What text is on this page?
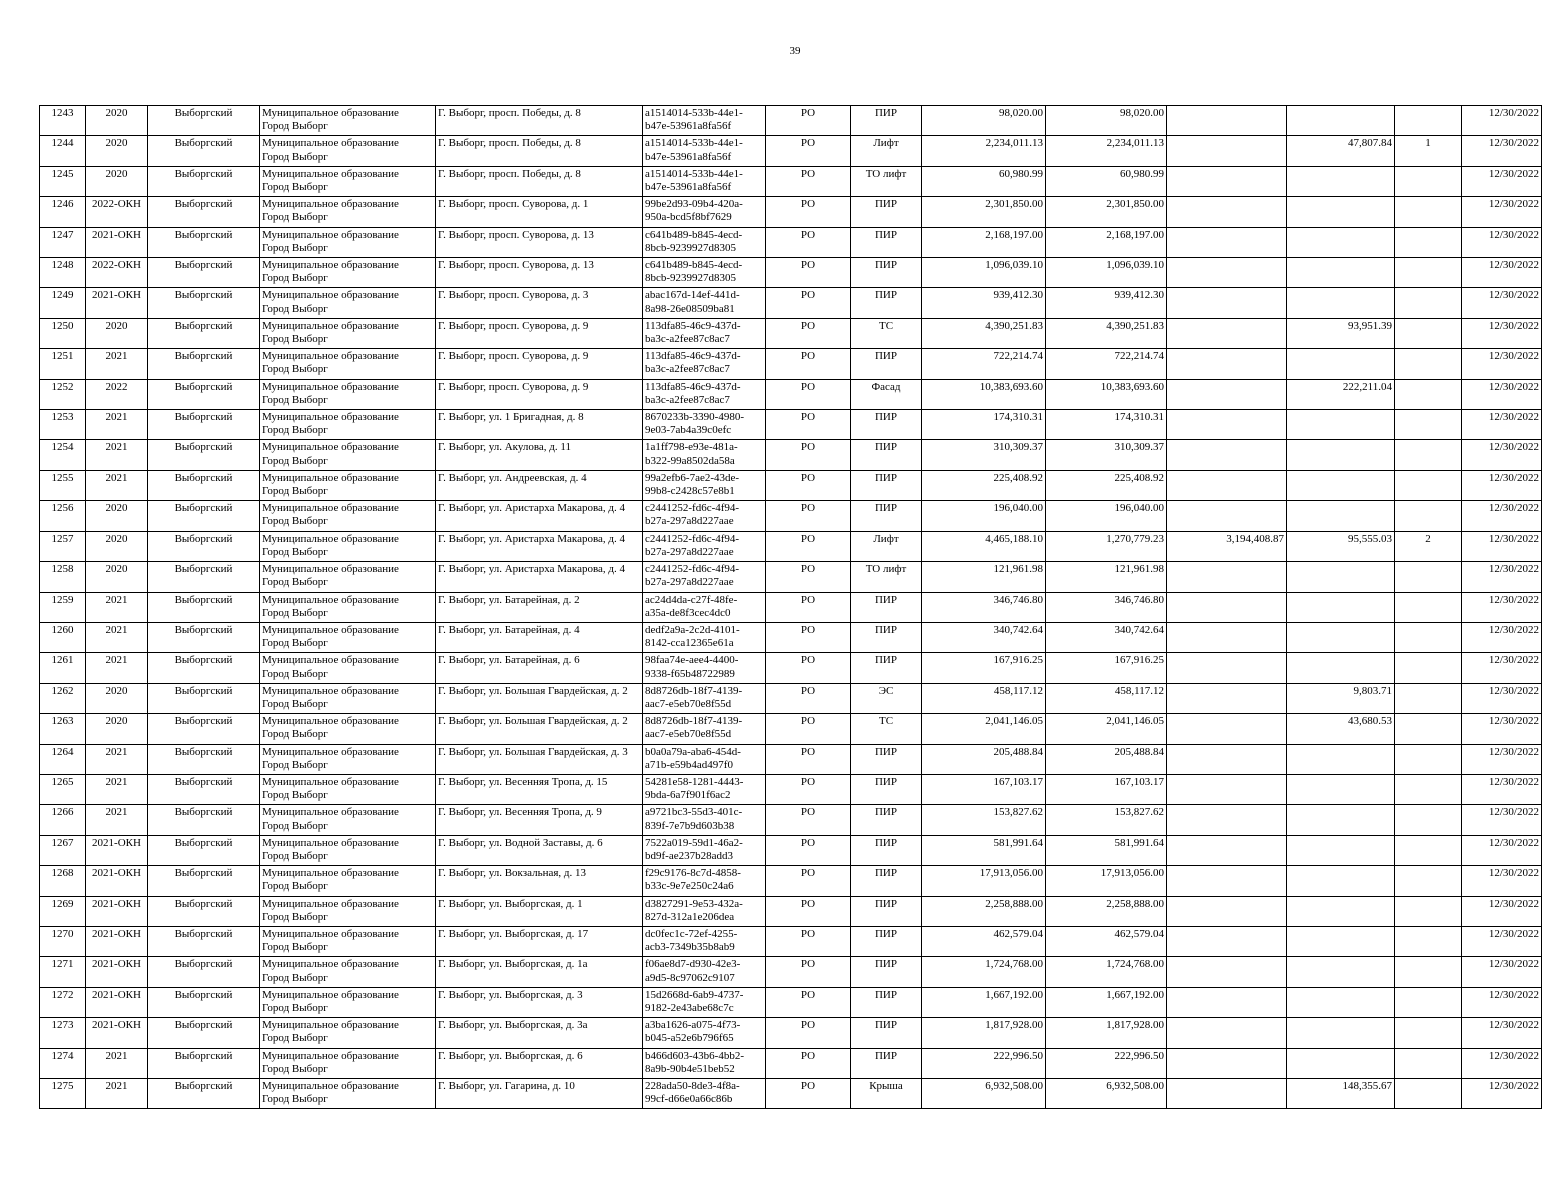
39
1243	2020	Выборгский	Муниципальное образование
Город Выборг	Г. Выборг, просп. Победы, д. 8	a1514014-533b-44e1-
b47e-53961a8fa56f	РО	ПИР	98,020.00	98,020.00				12/30/2022
1244	2020	Выборгский	Муниципальное образование
Город Выборг	Г. Выборг, просп. Победы, д. 8	a1514014-533b-44e1-
b47e-53961a8fa56f	РО	Лифт	2,234,011.13	2,234,011.13		47,807.84	1	12/30/2022
1245	2020	Выборгский	Муниципальное образование
Город Выборг	Г. Выборг, просп. Победы, д. 8	a1514014-533b-44e1-
b47e-53961a8fa56f	РО	ТО лифт	60,980.99	60,980.99				12/30/2022
1246	2022-ОКН	Выборгский	Муниципальное образование
Город Выборг	Г. Выборг, просп. Суворова, д. 1	99be2d93-09b4-420a-
950a-bcd5f8bf7629	РО	ПИР	2,301,850.00	2,301,850.00				12/30/2022
1247	2021-ОКН	Выборгский	Муниципальное образование
Город Выборг	Г. Выборг, просп. Суворова, д. 13	c641b489-b845-4ecd-
8bcb-9239927d8305	РО	ПИР	2,168,197.00	2,168,197.00				12/30/2022
1248	2022-ОКН	Выборгский	Муниципальное образование
Город Выборг	Г. Выборг, просп. Суворова, д. 13	c641b489-b845-4ecd-
8bcb-9239927d8305	РО	ПИР	1,096,039.10	1,096,039.10				12/30/2022
1249	2021-ОКН	Выборгский	Муниципальное образование
Город Выборг	Г. Выборг, просп. Суворова, д. 3	abac167d-14ef-441d-
8a98-26e08509ba81	РО	ПИР	939,412.30	939,412.30				12/30/2022
1250	2020	Выборгский	Муниципальное образование
Город Выборг	Г. Выборг, просп. Суворова, д. 9	113dfa85-46c9-437d-
ba3c-a2fee87c8ac7	РО	ТС	4,390,251.83	4,390,251.83		93,951.39		12/30/2022
1251	2021	Выборгский	Муниципальное образование
Город Выборг	Г. Выборг, просп. Суворова, д. 9	113dfa85-46c9-437d-
ba3c-a2fee87c8ac7	РО	ПИР	722,214.74	722,214.74				12/30/2022
1252	2022	Выборгский	Муниципальное образование
Город Выборг	Г. Выборг, просп. Суворова, д. 9	113dfa85-46c9-437d-
ba3c-a2fee87c8ac7	РО	Фасад	10,383,693.60	10,383,693.60		222,211.04		12/30/2022
1253	2021	Выборгский	Муниципальное образование
Город Выборг	Г. Выборг, ул. 1 Бригадная, д. 8	8670233b-3390-4980-
9e03-7ab4a39c0efc	РО	ПИР	174,310.31	174,310.31				12/30/2022
1254	2021	Выборгский	Муниципальное образование
Город Выборг	Г. Выборг, ул. Акулова, д. 11	1a1ff798-e93e-481a-
b322-99a8502da58a	РО	ПИР	310,309.37	310,309.37				12/30/2022
1255	2021	Выборгский	Муниципальное образование
Город Выборг	Г. Выборг, ул. Андреевская, д. 4	99a2efb6-7ae2-43de-
99b8-c2428c57e8b1	РО	ПИР	225,408.92	225,408.92				12/30/2022
1256	2020	Выборгский	Муниципальное образование
Город Выборг	Г. Выборг, ул. Аристарха Макарова, д. 4	c2441252-fd6c-4f94-
b27a-297a8d227aae	РО	ПИР	196,040.00	196,040.00				12/30/2022
1257	2020	Выборгский	Муниципальное образование
Город Выборг	Г. Выборг, ул. Аристарха Макарова, д. 4	c2441252-fd6c-4f94-
b27a-297a8d227aae	РО	Лифт	4,465,188.10	1,270,779.23	3,194,408.87	95,555.03	2	12/30/2022
1258	2020	Выборгский	Муниципальное образование
Город Выборг	Г. Выборг, ул. Аристарха Макарова, д. 4	c2441252-fd6c-4f94-
b27a-297a8d227aae	РО	ТО лифт	121,961.98	121,961.98				12/30/2022
1259	2021	Выборгский	Муниципальное образование
Город Выборг	Г. Выборг, ул. Батарейная, д. 2	ac24d4da-c27f-48fe-
a35a-de8f3cec4dc0	РО	ПИР	346,746.80	346,746.80				12/30/2022
1260	2021	Выборгский	Муниципальное образование
Город Выборг	Г. Выборг, ул. Батарейная, д. 4	dedf2a9a-2c2d-4101-
8142-cca12365e61a	РО	ПИР	340,742.64	340,742.64				12/30/2022
1261	2021	Выборгский	Муниципальное образование
Город Выборг	Г. Выборг, ул. Батарейная, д. 6	98faa74e-aee4-4400-
9338-f65b48722989	РО	ПИР	167,916.25	167,916.25				12/30/2022
1262	2020	Выборгский	Муниципальное образование
Город Выборг	Г. Выборг, ул. Большая Гвардейская, д. 2	8d8726db-18f7-4139-
aac7-e5eb70e8f55d	РО	ЭС	458,117.12	458,117.12		9,803.71		12/30/2022
1263	2020	Выборгский	Муниципальное образование
Город Выборг	Г. Выборг, ул. Большая Гвардейская, д. 2	8d8726db-18f7-4139-
aac7-e5eb70e8f55d	РО	ТС	2,041,146.05	2,041,146.05		43,680.53		12/30/2022
1264	2021	Выборгский	Муниципальное образование
Город Выборг	Г. Выборг, ул. Большая Гвардейская, д. 3	b0a0a79a-aba6-454d-
a71b-e59b4ad497f0	РО	ПИР	205,488.84	205,488.84				12/30/2022
1265	2021	Выборгский	Муниципальное образование
Город Выборг	Г. Выборг, ул. Весенняя Тропа, д. 15	54281e58-1281-4443-
9bda-6a7f901f6ac2	РО	ПИР	167,103.17	167,103.17				12/30/2022
1266	2021	Выборгский	Муниципальное образование
Город Выборг	Г. Выборг, ул. Весенняя Тропа, д. 9	a9721bc3-55d3-401c-
839f-7e7b9d603b38	РО	ПИР	153,827.62	153,827.62				12/30/2022
1267	2021-ОКН	Выборгский	Муниципальное образование
Город Выборг	Г. Выборг, ул. Водной Заставы, д. 6	7522a019-59d1-46a2-
bd9f-ae237b28add3	РО	ПИР	581,991.64	581,991.64				12/30/2022
1268	2021-ОКН	Выборгский	Муниципальное образование
Город Выборг	Г. Выборг, ул. Вокзальная, д. 13	f29c9176-8c7d-4858-
b33c-9e7e250c24a6	РО	ПИР	17,913,056.00	17,913,056.00				12/30/2022
1269	2021-ОКН	Выборгский	Муниципальное образование
Город Выборг	Г. Выборг, ул. Выборгская, д. 1	d3827291-9e53-432a-
827d-312a1e206dea	РО	ПИР	2,258,888.00	2,258,888.00				12/30/2022
1270	2021-ОКН	Выборгский	Муниципальное образование
Город Выборг	Г. Выборг, ул. Выборгская, д. 17	dc0fec1c-72ef-4255-
acb3-7349b35b8ab9	РО	ПИР	462,579.04	462,579.04				12/30/2022
1271	2021-ОКН	Выборгский	Муниципальное образование
Город Выборг	Г. Выборг, ул. Выборгская, д. 1а	f06ae8d7-d930-42e3-
a9d5-8c97062c9107	РО	ПИР	1,724,768.00	1,724,768.00				12/30/2022
1272	2021-ОКН	Выборгский	Муниципальное образование
Город Выборг	Г. Выборг, ул. Выборгская, д. 3	15d2668d-6ab9-4737-
9182-2e43abe68c7c	РО	ПИР	1,667,192.00	1,667,192.00				12/30/2022
1273	2021-ОКН	Выборгский	Муниципальное образование
Город Выборг	Г. Выборг, ул. Выборгская, д. 3а	a3ba1626-a075-4f73-
b045-a52e6b796f65	РО	ПИР	1,817,928.00	1,817,928.00				12/30/2022
1274	2021	Выборгский	Муниципальное образование
Город Выборг	Г. Выборг, ул. Выборгская, д. 6	b466d603-43b6-4bb2-
8a9b-90b4e51beb52	РО	ПИР	222,996.50	222,996.50				12/30/2022
1275	2021	Выборгский	Муниципальное образование
Город Выборг	Г. Выборг, ул. Гагарина, д. 10	228ada50-8de3-4f8a-
99cf-d66e0a66c86b	РО	Крыша	6,932,508.00	6,932,508.00		148,355.67		12/30/2022
